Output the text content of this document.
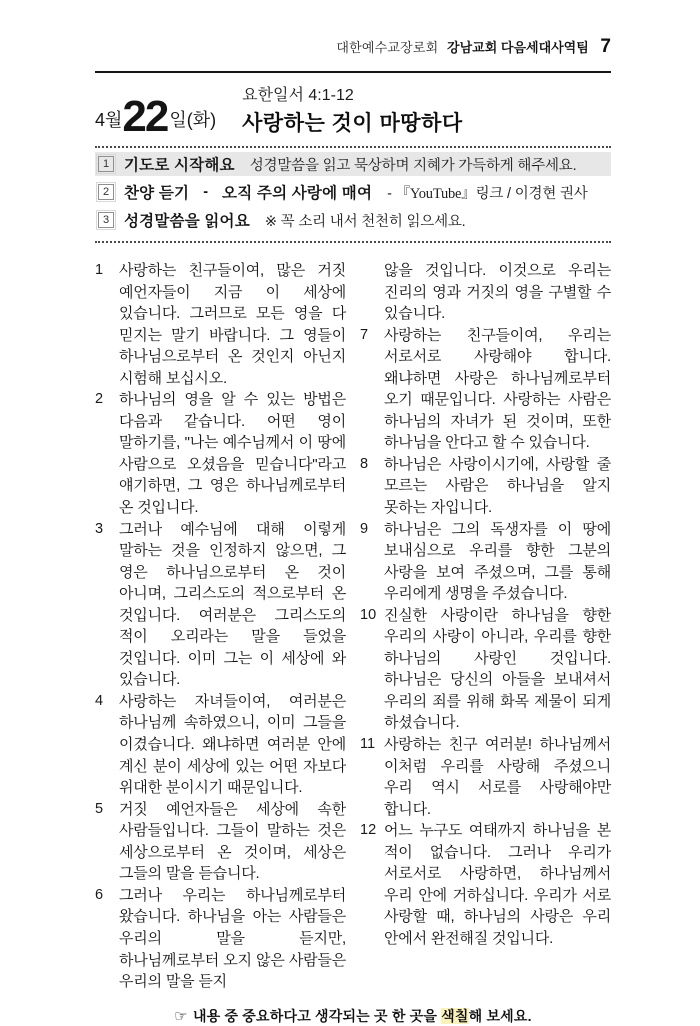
대한예수교장로회 강남교회 다음세대사역팀 7
4월 22 일(화)
요한일서 4:1-12
사랑하는 것이 마땅하다
1 기도로 시작해요 성경말씀을 읽고 묵상하며 지혜가 가득하게 해주세요.
2 찬양 듣기 - 오직 주의 사랑에 매여 - 『YouTube』링크 / 이경현 권사
3 성경말씀을 읽어요 ※ 꼭 소리 내서 천천히 읽으세요.
1	사랑하는 친구들이여, 많은 거짓 예언자들이 지금 이 세상에 있습니다. 그러므로 모든 영을 다 믿지는 말기 바랍니다. 그 영들이 하나님으로부터 온 것인지 아닌지 시험해 보십시오.
2	하나님의 영을 알 수 있는 방법은 다음과 같습니다. 어떤 영이 말하기를, "나는 예수님께서 이 땅에 사람으로 오셨음을 믿습니다"라고 얘기하면, 그 영은 하나님께로부터 온 것입니다.
3	그러나 예수님에 대해 이렇게 말하는 것을 인정하지 않으면, 그 영은 하나님으로부터 온 것이 아니며, 그리스도의 적으로부터 온 것입니다. 여러분은 그리스도의 적이 오리라는 말을 들었을 것입니다. 이미 그는 이 세상에 와 있습니다.
4	사랑하는 자녀들이여, 여러분은 하나님께 속하였으니, 이미 그들을 이겼습니다. 왜냐하면 여러분 안에 계신 분이 세상에 있는 어떤 자보다 위대한 분이시기 때문입니다.
5	거짓 예언자들은 세상에 속한 사람들입니다. 그들이 말하는 것은 세상으로부터 온 것이며, 세상은 그들의 말을 듣습니다.
6	그러나 우리는 하나님께로부터 왔습니다. 하나님을 아는 사람들은 우리의 말을 듣지만, 하나님께로부터 오지 않은 사람들은 우리의 말을 듣지
않을 것입니다. 이것으로 우리는 진리의 영과 거짓의 영을 구별할 수 있습니다.
7	사랑하는 친구들이여, 우리는 서로서로 사랑해야 합니다. 왜냐하면 사랑은 하나님께로부터 오기 때문입니다. 사랑하는 사람은 하나님의 자녀가 된 것이며, 또한 하나님을 안다고 할 수 있습니다.
8	하나님은 사랑이시기에, 사랑할 줄 모르는 사람은 하나님을 알지 못하는 자입니다.
9	하나님은 그의 독생자를 이 땅에 보내심으로 우리를 향한 그분의 사랑을 보여 주셨으며, 그를 통해 우리에게 생명을 주셨습니다.
10 진실한 사랑이란 하나님을 향한 우리의 사랑이 아니라, 우리를 향한 하나님의 사랑인 것입니다. 하나님은 당신의 아들을 보내셔서 우리의 죄를 위해 화목 제물이 되게 하셨습니다.
11 사랑하는 친구 여러분! 하나님께서 이처럼 우리를 사랑해 주셨으니 우리 역시 서로를 사랑해야만 합니다.
12 어느 누구도 여태까지 하나님을 본 적이 없습니다. 그러나 우리가 서로서로 사랑하면, 하나님께서 우리 안에 거하십니다. 우리가 서로 사랑할 때, 하나님의 사랑은 우리 안에서 완전해질 것입니다.
☞ 내용 중 중요하다고 생각되는 곳 한 곳을 색칠해 보세요.
